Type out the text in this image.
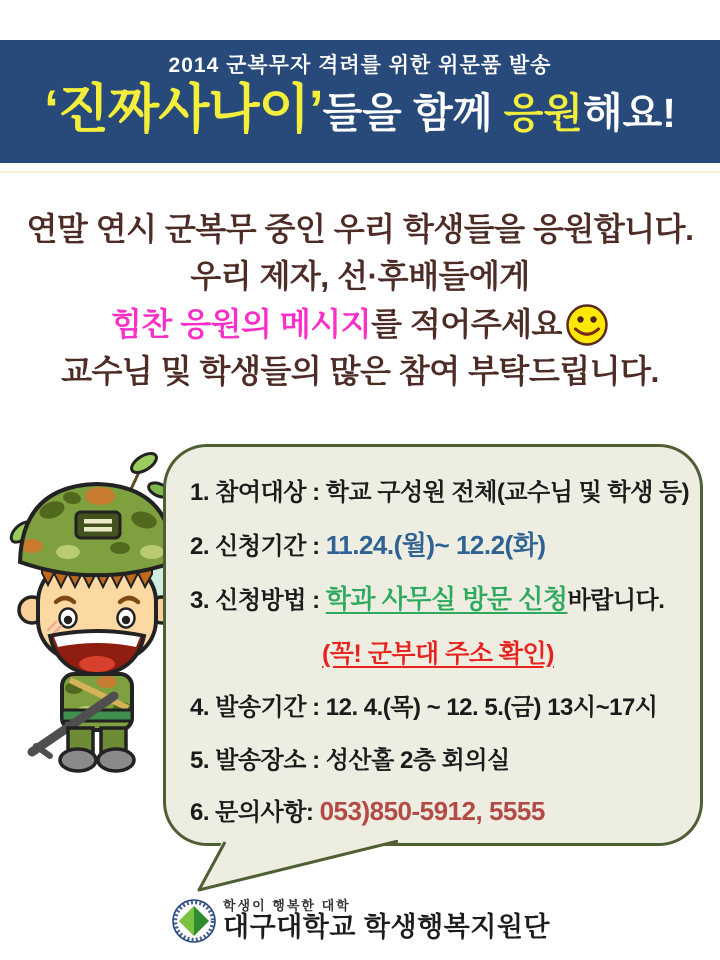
2014 군복무자 격려를 위한 위문품 발송
‘진짜사나이’들을 함께 응원해요!
연말 연시 군복무 중인 우리 학생들을 응원합니다.
우리 제자, 선·후배들에게
힘찬 응원의 메시지를 적어주세요
교수님 및 학생들의 많은 참여 부탁드립니다.
1. 참여대상 : 학교 구성원 전체(교수님 및 학생 등)
2. 신청기간 : 11.24.(월)~ 12.2(화)
3. 신청방법 : 학과 사무실 방문 신청바랍니다.
(꼭! 군부대 주소 확인)
4. 발송기간 : 12. 4.(목) ~ 12. 5.(금) 13시~17시
5. 발송장소 : 성산홀 2층 회의실
6. 문의사항: 053)850-5912, 5555
학생이 행복한 대학
대구대학교 학생행복지원단
